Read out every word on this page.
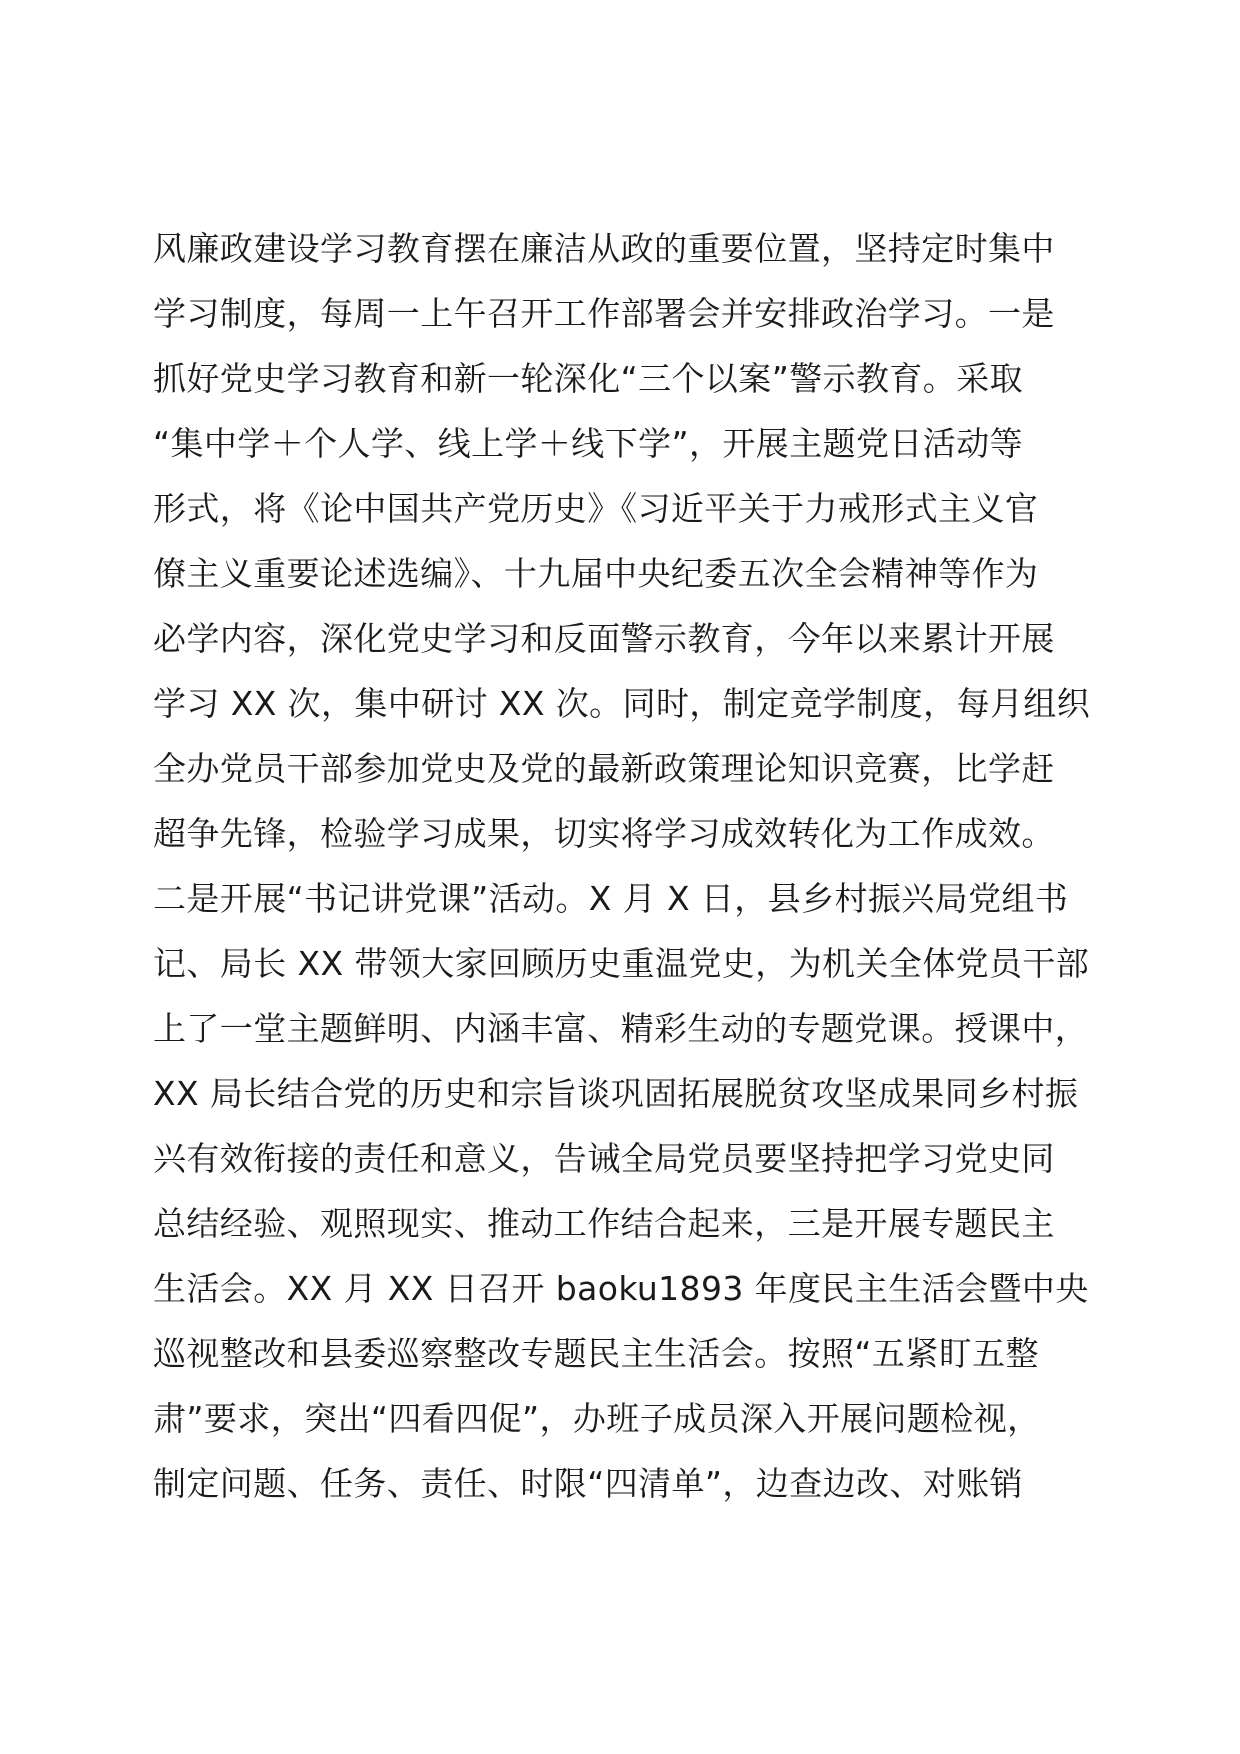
风廉政建设学习教育摆在廉洁从政的重要位置，坚持定时集中
学习制度，每周一上午召开工作部署会并安排政治学习。一是
抓好党史学习教育和新一轮深化“三个以案”警示教育。采取
“集中学＋个人学、线上学＋线下学”，开展主题党日活动等
形式，将《论中国共产党历史》《习近平关于力戒形式主义官
僚主义重要论述选编》、十九届中央纪委五次全会精神等作为
必学内容，深化党史学习和反面警示教育，今年以来累计开展
学习 XX 次，集中研讨 XX 次。同时，制定竞学制度，每月组织
全办党员干部参加党史及党的最新政策理论知识竞赛，比学赶
超争先锋，检验学习成果，切实将学习成效转化为工作成效。
二是开展“书记讲党课”活动。X 月 X 日，县乡村振兴局党组书
记、局长 XX 带领大家回顾历史重温党史，为机关全体党员干部
上了一堂主题鲜明、内涵丰富、精彩生动的专题党课。授课中，
XX 局长结合党的历史和宗旨谈巩固拓展脱贫攻坚成果同乡村振
兴有效衔接的责任和意义，告诫全局党员要坚持把学习党史同
总结经验、观照现实、推动工作结合起来，三是开展专题民主
生活会。XX 月 XX 日召开 baoku1893 年度民主生活会暨中央
巡视整改和县委巡察整改专题民主生活会。按照“五紧盯五整
肃”要求，突出“四看四促”，办班子成员深入开展问题检视，
制定问题、任务、责任、时限“四清单”，边查边改、对账销
